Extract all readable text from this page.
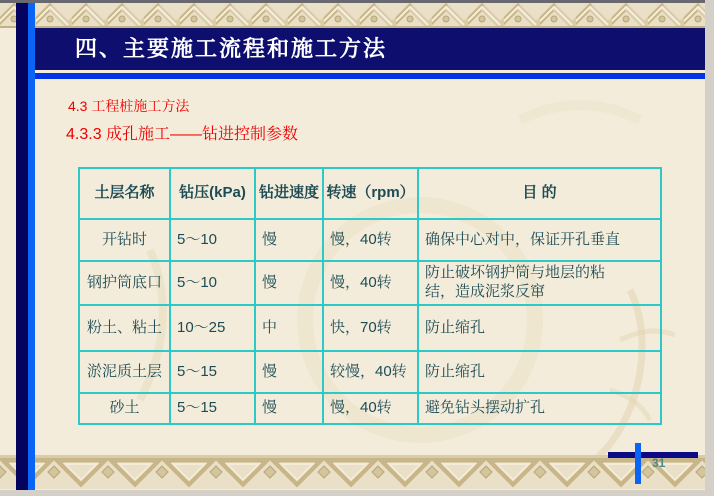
四、主要施工流程和施工方法
4.3 工程桩施工方法
4.3.3 成孔施工——钻进控制参数
土层名称	钻压(kPa)	钻进速度	转速（rpm）	目 的
开钻时	5～10	慢	慢，40转	确保中心对中，保证开孔垂直
钢护筒底口	5～10	慢	慢，40转	防止破坏钢护筒与地层的粘结，造成泥浆反窜
粉土、粘土	10～25	中	快，70转	防止缩孔
淤泥质土层	5～15	慢	较慢，40转	防止缩孔
砂土	5～15	慢	慢，40转	避免钻头摆动扩孔
31
